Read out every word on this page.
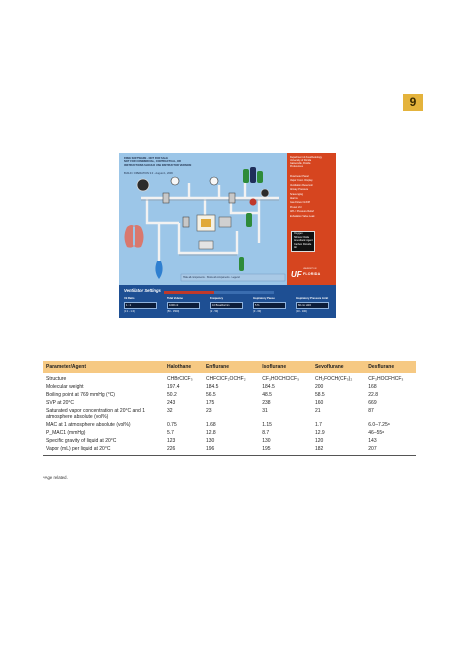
9
FREE SOFTWARE - NOT FOR SALE
NOT FOR COMMERCIAL, CONTRACTUAL, OR
INSTRUCTIONS SHOULD USE INSTRUCTOR VERSION
BUILD / OPERATION 3.0 - August 1, 2006
Hide all components · Show all components · Legend
Department of Anesthesiology
University of Florida
Gainesville, Florida
Preferences
Flowmeter Panel
Vapor Conc. Display
Ventilation Reservoir
Airway Pressure
Scavenging
Alarms
Gas Flows On/Off
Preset Vol
APL / Pressure Relief
Exhalation Valve Leak
Oxygen
Nitrous Oxide
Anesthetic Agent
Carbon Dioxide
Air
UNIVERSITY OF
UF FLORIDA
Ventilator Settings
I:E Ratio
1 : 2
(1:1 - 1:4)
Tidal Volume
1000 ml
(50 - 1500)
Frequency
10 Breaths/min
(2 - 50)
Inspiratory Pause
5 %
(0 - 60)
Inspiratory Pressure Limit
60 cm H2O
(10 - 100)
Parameter/Agent	Halothane	Enflurane	Isoflurane	Sevoflurane	Desflurane
Structure	CHBrClCF₃	CHFClCF₂OCHF₂	CF₃HOCHClCF₃	CH₂FOCH(CF₃)₂	CF₃HOCFHCF₃
Molecular weight	197.4	184.5	184.5	200	168
Boiling point at 769 mmHg (°C)	50.2	56.5	48.5	58.5	22.8
SVP at 20°C	243	175	238	160	669
Saturated vapor concentration at 20°C and 1 atmosphere absolute (vol%)	32	23	31	21	87
MAC at 1 atmosphere absolute (vol%)	0.75	1.68	1.15	1.7	6.0–7.25ᵃ
P_MAC1 (mmHg)	5.7	12.8	8.7	12.9	46–55ᵃ
Specific gravity of liquid at 20°C	123	130	130	120	143
Vapor (mL) per liquid at 20°C	226	196	195	182	207
ᵃAge related.
